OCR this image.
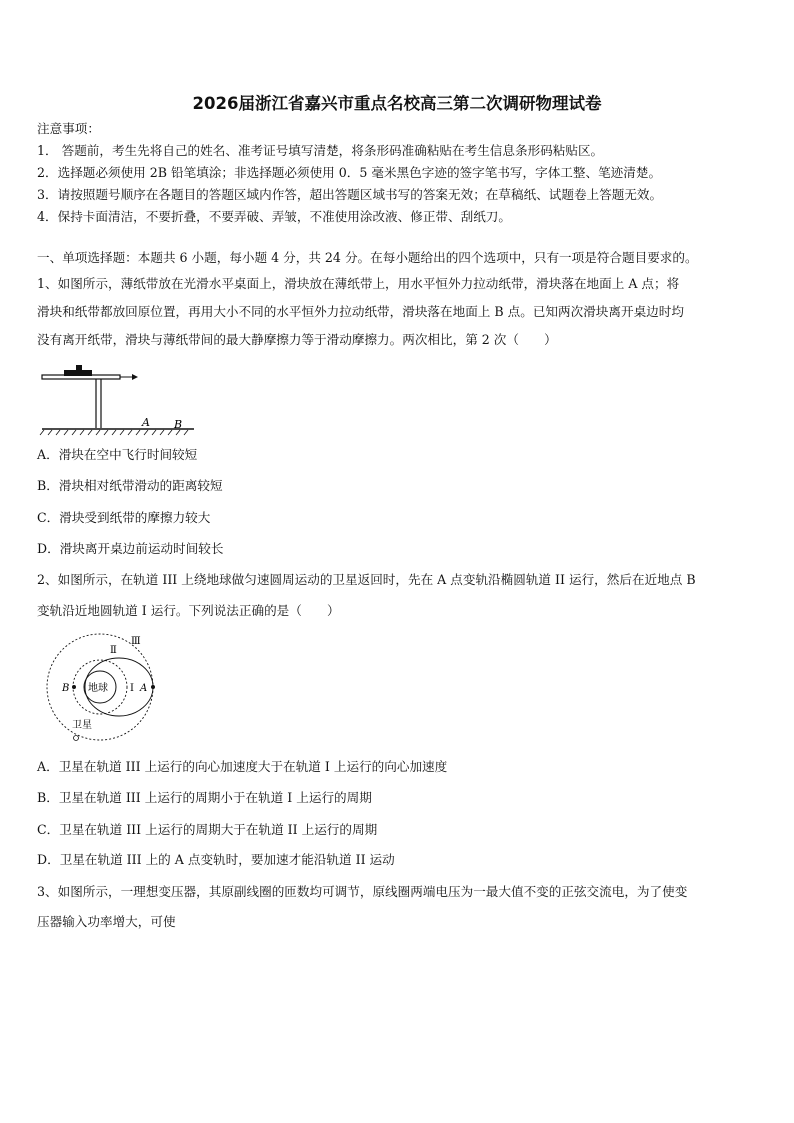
2026届浙江省嘉兴市重点名校高三第二次调研物理试卷
注意事项：
1． 答题前，考生先将自己的姓名、准考证号填写清楚，将条形码准确粘贴在考生信息条形码粘贴区。
2．选择题必须使用 2B 铅笔填涂；非选择题必须使用 0．5 毫米黑色字迹的签字笔书写，字体工整、笔迹清楚。
3．请按照题号顺序在各题目的答题区域内作答，超出答题区域书写的答案无效；在草稿纸、试题卷上答题无效。
4．保持卡面清洁，不要折叠，不要弄破、弄皱，不准使用涂改液、修正带、刮纸刀。
一、单项选择题：本题共 6 小题，每小题 4 分，共 24 分。在每小题给出的四个选项中，只有一项是符合题目要求的。
1、如图所示，薄纸带放在光滑水平桌面上，滑块放在薄纸带上，用水平恒外力拉动纸带，滑块落在地面上 A 点；将
滑块和纸带都放回原位置，再用大小不同的水平恒外力拉动纸带，滑块落在地面上 B 点。已知两次滑块离开桌边时均
没有离开纸带，滑块与薄纸带间的最大静摩擦力等于滑动摩擦力。两次相比，第 2 次（　　）
A B
A．滑块在空中飞行时间较短
B．滑块相对纸带滑动的距离较短
C．滑块受到纸带的摩擦力较大
D．滑块离开桌边前运动时间较长
2、如图所示，在轨道 III 上绕地球做匀速圆周运动的卫星返回时，先在 A 点变轨沿椭圆轨道 II 运行，然后在近地点 B
变轨沿近地圆轨道 I 运行。下列说法正确的是（　　）
Ⅲ
Ⅱ
I
地球
B	A
卫星
A．卫星在轨道 III 上运行的向心加速度大于在轨道 I 上运行的向心加速度
B．卫星在轨道 III 上运行的周期小于在轨道 I 上运行的周期
C．卫星在轨道 III 上运行的周期大于在轨道 II 上运行的周期
D．卫星在轨道 III 上的 A 点变轨时，要加速才能沿轨道 II 运动
3、如图所示，一理想变压器，其原副线圈的匝数均可调节，原线圈两端电压为一最大值不变的正弦交流电，为了使变
压器输入功率增大，可使
